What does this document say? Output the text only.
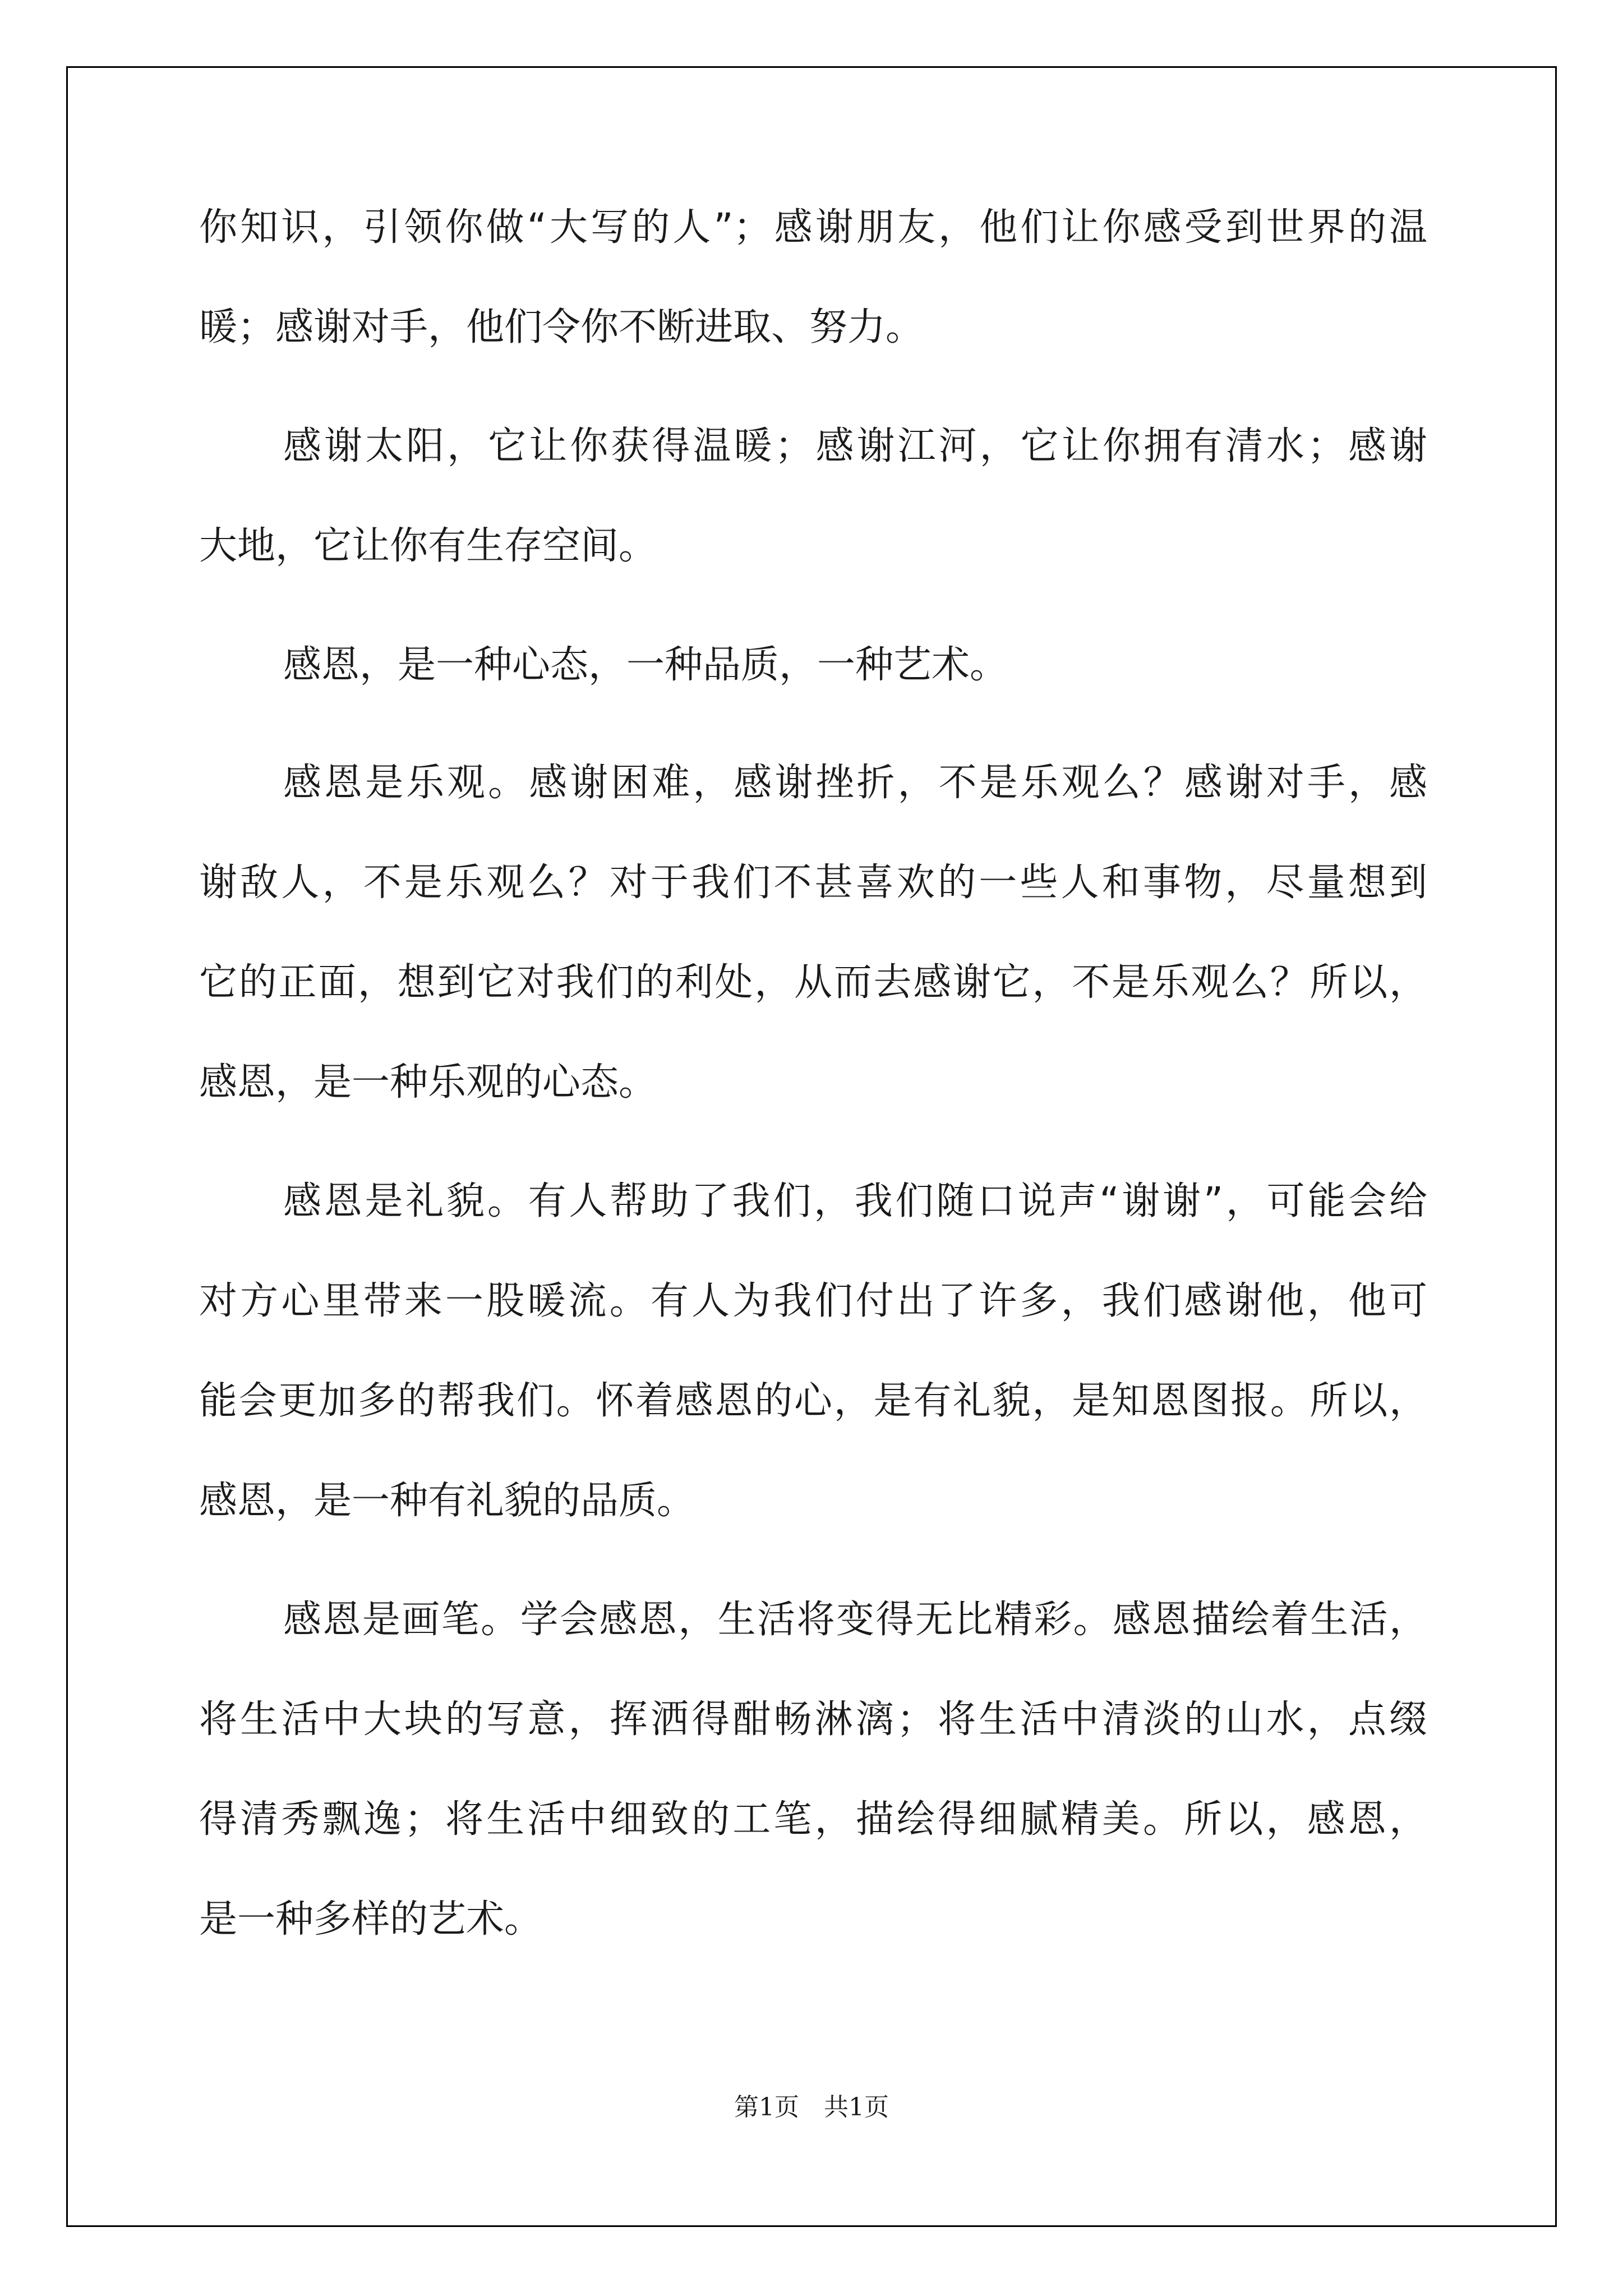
你知识，引领你做“大写的人”；感谢朋友，他们让你感受到世界的温
暖；感谢对手，他们令你不断进取、努力。
感谢太阳，它让你获得温暖；感谢江河，它让你拥有清水；感谢
大地，它让你有生存空间。
感恩，是一种心态，一种品质，一种艺术。
感恩是乐观。感谢困难，感谢挫折，不是乐观么？感谢对手，感
谢敌人，不是乐观么？对于我们不甚喜欢的一些人和事物，尽量想到
它的正面，想到它对我们的利处，从而去感谢它，不是乐观么？所以，
感恩，是一种乐观的心态。
感恩是礼貌。有人帮助了我们，我们随口说声“谢谢”，可能会给
对方心里带来一股暖流。有人为我们付出了许多，我们感谢他，他可
能会更加多的帮我们。怀着感恩的心，是有礼貌，是知恩图报。所以，
感恩，是一种有礼貌的品质。
感恩是画笔。学会感恩，生活将变得无比精彩。感恩描绘着生活，
将生活中大块的写意，挥洒得酣畅淋漓；将生活中清淡的山水，点缀
得清秀飘逸；将生活中细致的工笔，描绘得细腻精美。所以，感恩，
是一种多样的艺术。
第1页　共1页
